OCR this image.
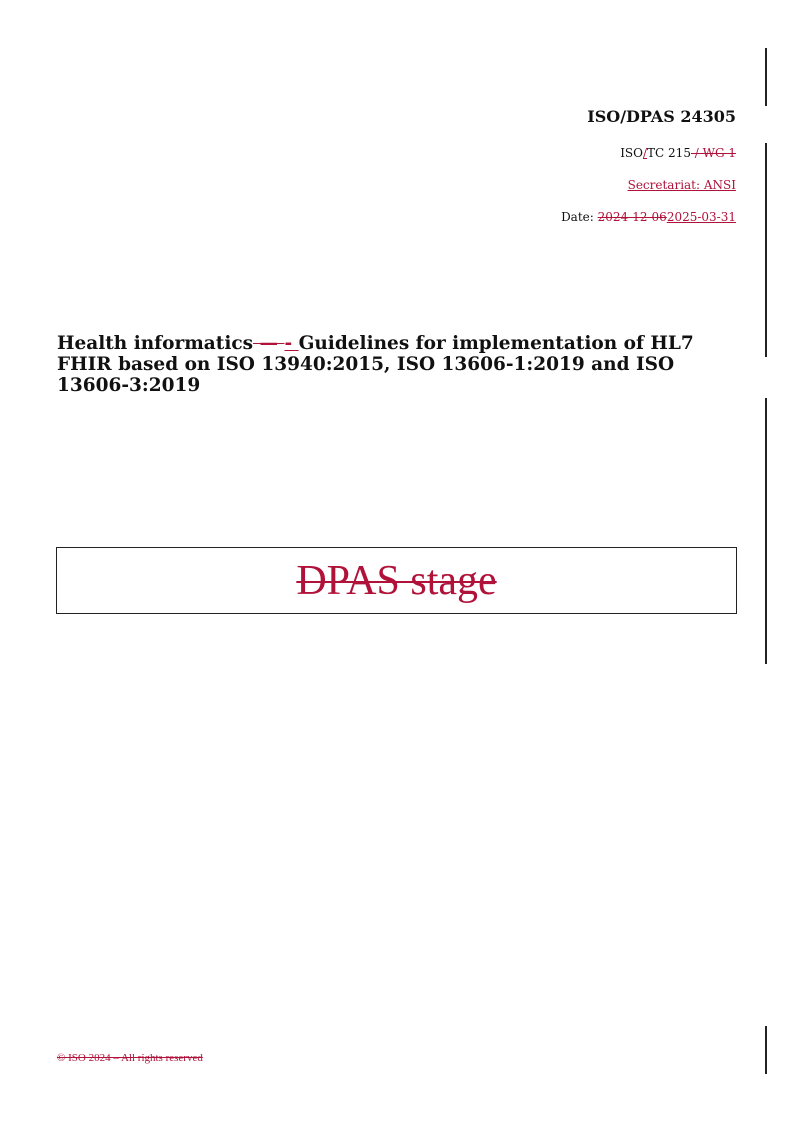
ISO/DPAS 24305
ISO/TC 215 / WG 1
Secretariat: ANSI
Date: 2024-12-062025-03-31
Health informatics — - Guidelines for implementation of HL7 FHIR based on ISO 13940:2015, ISO 13606-1:2019 and ISO 13606-3:2019
DPAS stage
© ISO 2024 – All rights reserved
